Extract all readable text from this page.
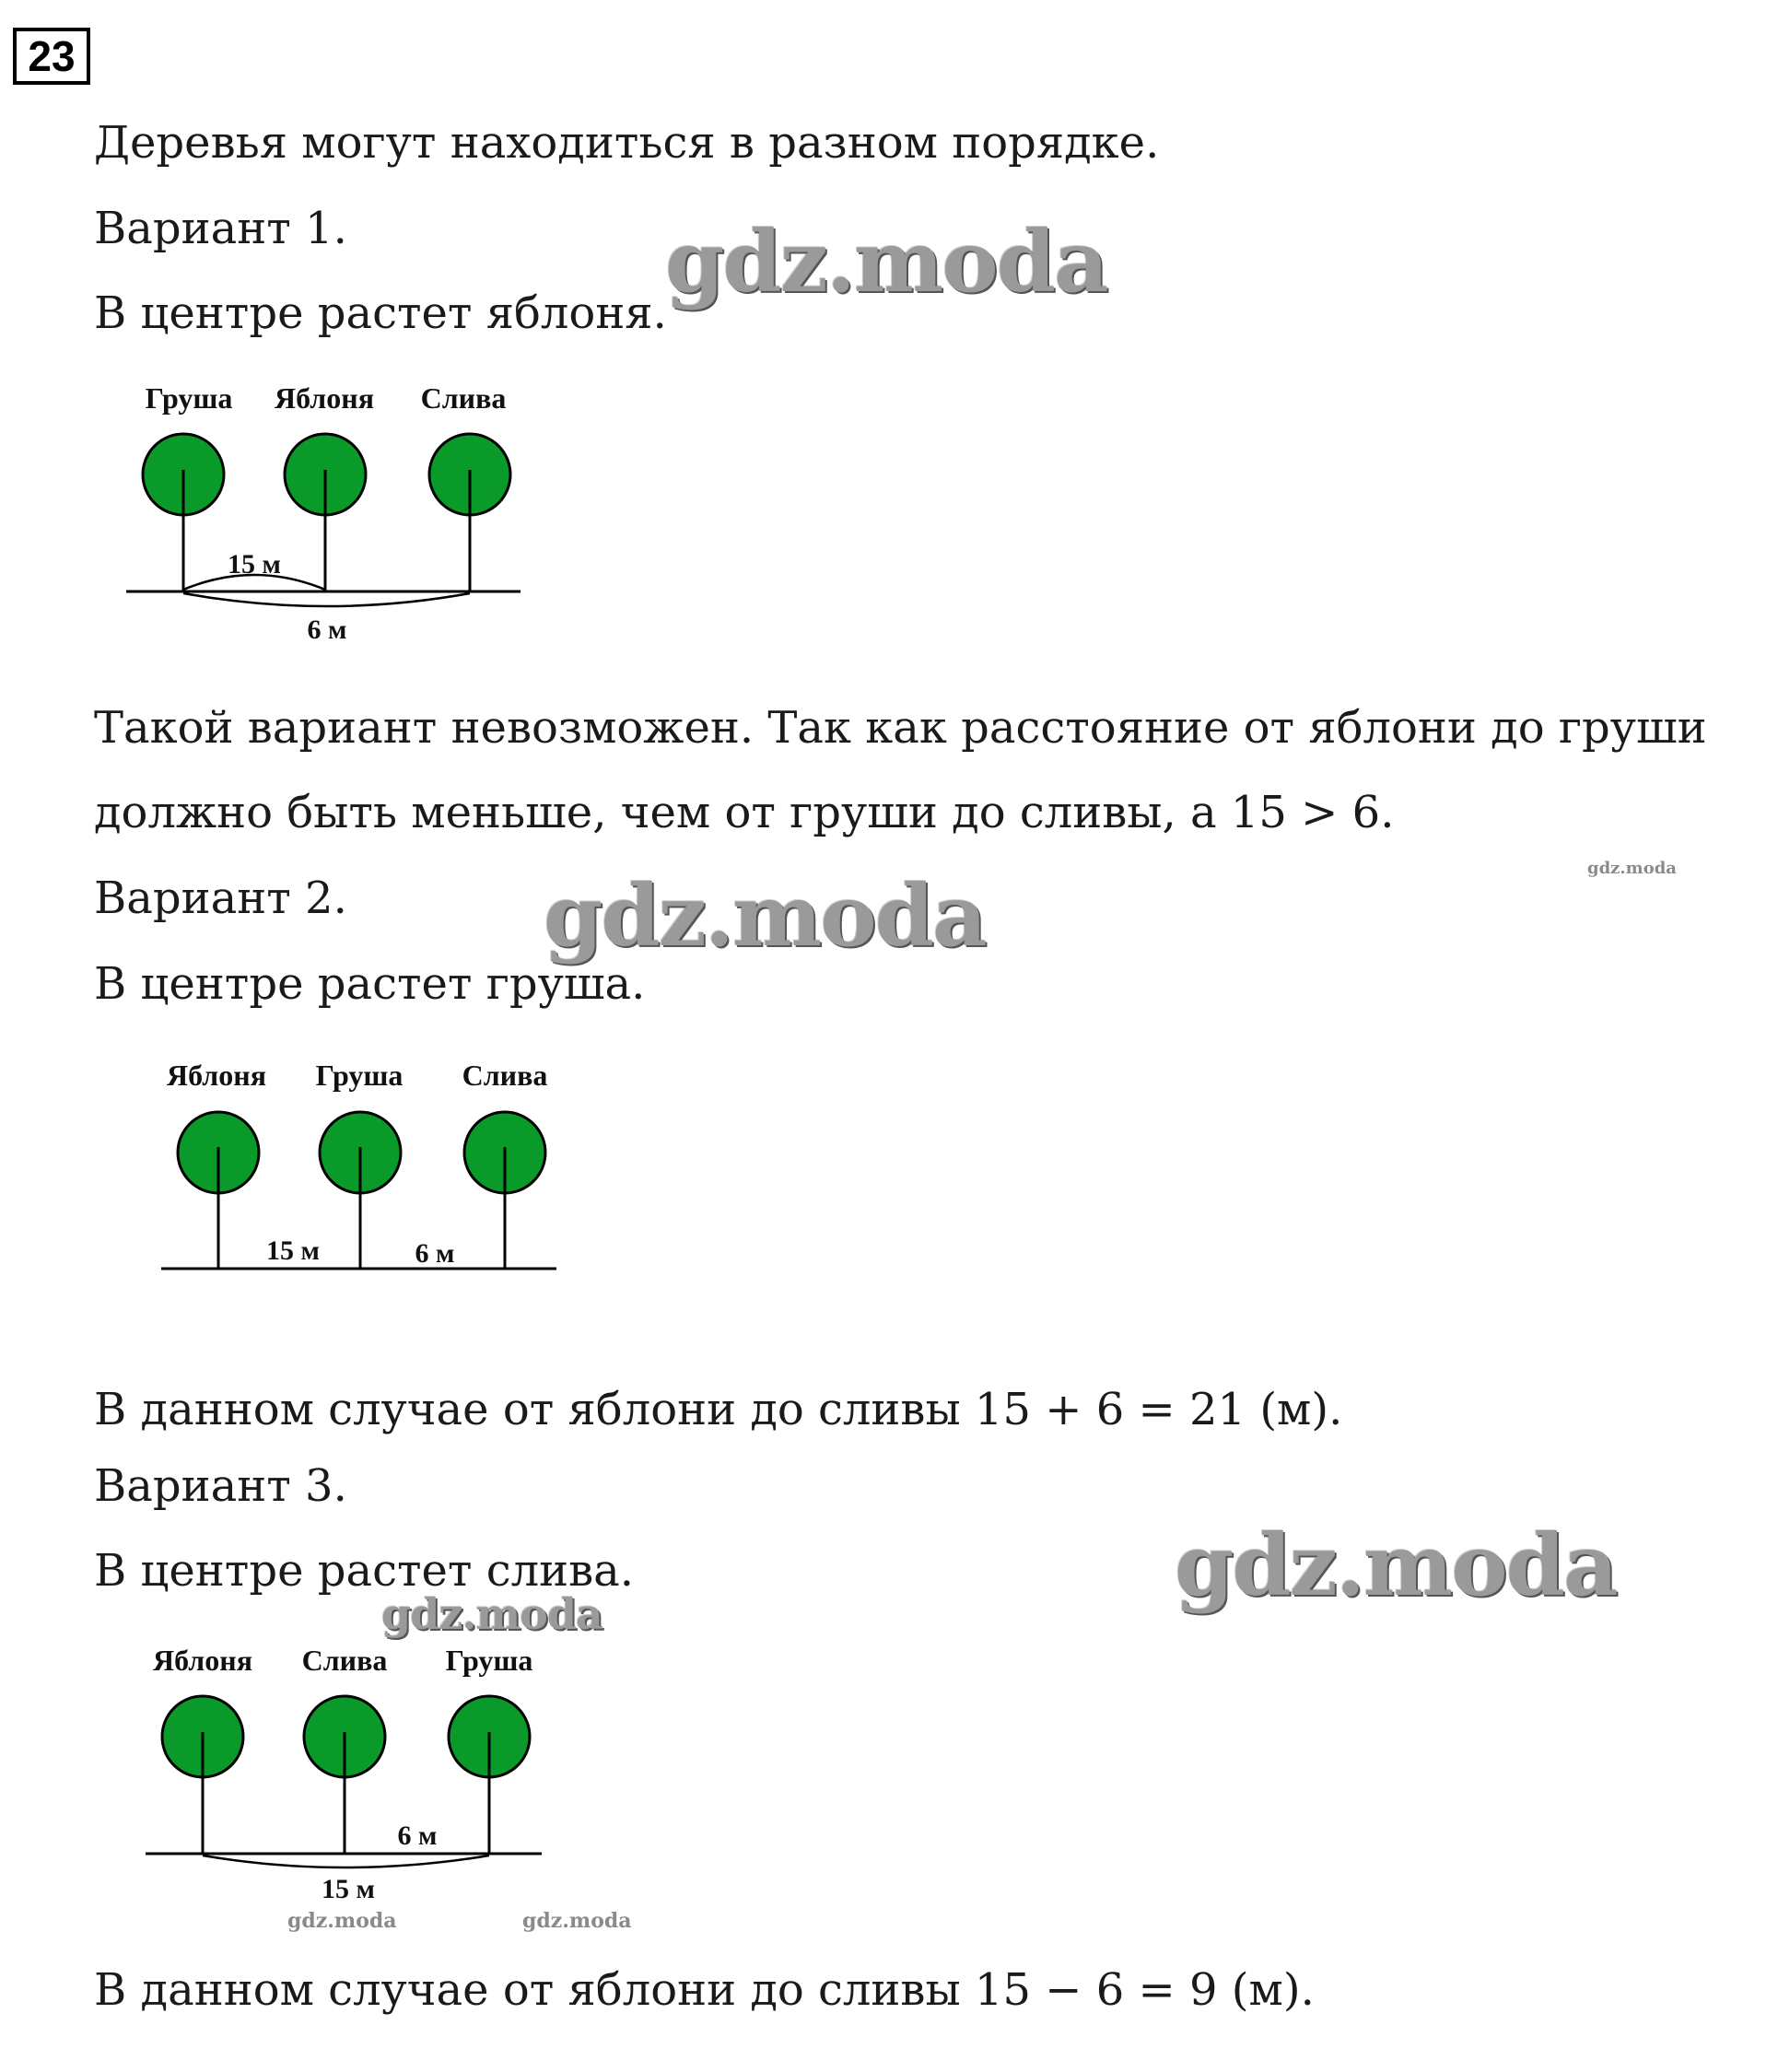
23
Деревья могут находиться в разном порядке.
Вариант 1.
В центре растет яблоня.
Груша Яблоня Слива
15 м
6 м
Такой вариант невозможен. Так как расстояние от яблони до груши
должно быть меньше, чем от груши до сливы, а 15 > 6.
Вариант 2.
В центре растет груша.
Яблоня Груша Слива
15 м	6 м
В данном случае от яблони до сливы 15 + 6 = 21 (м).
Вариант 3.
В центре растет слива.
Яблоня Слива Груша
6 м
15 м
В данном случае от яблони до сливы 15 − 6 = 9 (м).
gdz.moda
gdz.moda
gdz.moda
gdz.moda
gdz.moda
gdz.moda	gdz.moda
